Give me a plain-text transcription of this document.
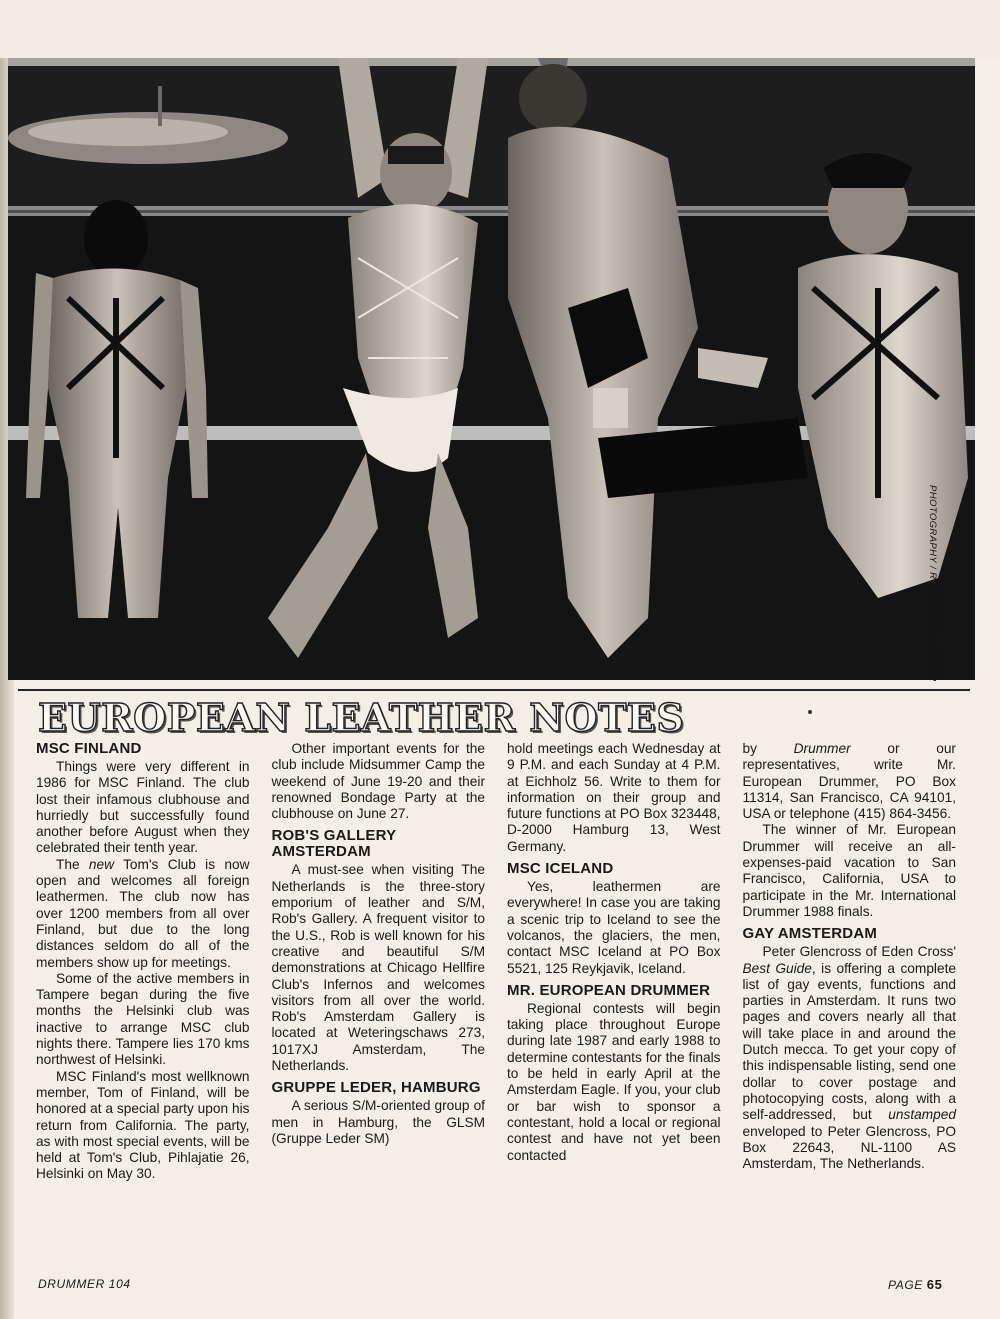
PHOTOGRAPHY / ROBERT BELA FODOR
EUROPEAN LEATHER NOTES
MSC FINLAND

Things were very different in 1986 for MSC Finland. The club lost their infamous clubhouse and hurriedly but successfully found another before August when they celebrated their tenth year.

The new Tom's Club is now open and welcomes all foreign leathermen. The club now has over 1200 members from all over Finland, but due to the long distances seldom do all of the members show up for meetings.

Some of the active members in Tampere began during the five months the Helsinki club was inactive to arrange MSC club nights there. Tampere lies 170 kms northwest of Helsinki.

MSC Finland's most wellknown member, Tom of Finland, will be honored at a special party upon his return from California. The party, as with most special events, will be held at Tom's Club, Pihlajatie 26, Helsinki on May 30.

Other important events for the club include Midsummer Camp the weekend of June 19-20 and their renowned Bondage Party at the clubhouse on June 27.

ROB'S GALLERY AMSTERDAM

A must-see when visiting The Netherlands is the three-story emporium of leather and S/M, Rob's Gallery. A frequent visitor to the U.S., Rob is well known for his creative and beautiful S/M demonstrations at Chicago Hellfire Club's Infernos and welcomes visitors from all over the world. Rob's Amsterdam Gallery is located at Weteringschaws 273, 1017XJ Amsterdam, The Netherlands.

GRUPPE LEDER, HAMBURG

A serious S/M-oriented group of men in Hamburg, the GLSM (Gruppe Leder SM)

hold meetings each Wednesday at 9 P.M. and each Sunday at 4 P.M. at Eichholz 56. Write to them for information on their group and future functions at PO Box 323448, D-2000 Hamburg 13, West Germany.

MSC ICELAND

Yes, leathermen are everywhere! In case you are taking a scenic trip to Iceland to see the volcanos, the glaciers, the men, contact MSC Iceland at PO Box 5521, 125 Reykjavik, Iceland.

MR. EUROPEAN DRUMMER

Regional contests will begin taking place throughout Europe during late 1987 and early 1988 to determine contestants for the finals to be held in early April at the Amsterdam Eagle. If you, your club or bar wish to sponsor a contestant, hold a local or regional contest and have not yet been contacted

by Drummer or our representatives, write Mr. European Drummer, PO Box 11314, San Francisco, CA 94101, USA or telephone (415) 864-3456.

The winner of Mr. European Drummer will receive an all-expenses-paid vacation to San Francisco, California, USA to participate in the Mr. International Drummer 1988 finals.

GAY AMSTERDAM

Peter Glencross of Eden Cross' Best Guide, is offering a complete list of gay events, functions and parties in Amsterdam. It runs two pages and covers nearly all that will take place in and around the Dutch mecca. To get your copy of this indispensable listing, send one dollar to cover postage and photocopying costs, along with a self-addressed, but unstamped enveloped to Peter Glencross, PO Box 22643, NL-1100 AS Amsterdam, The Netherlands.

DRUMMER 104	PAGE 65
